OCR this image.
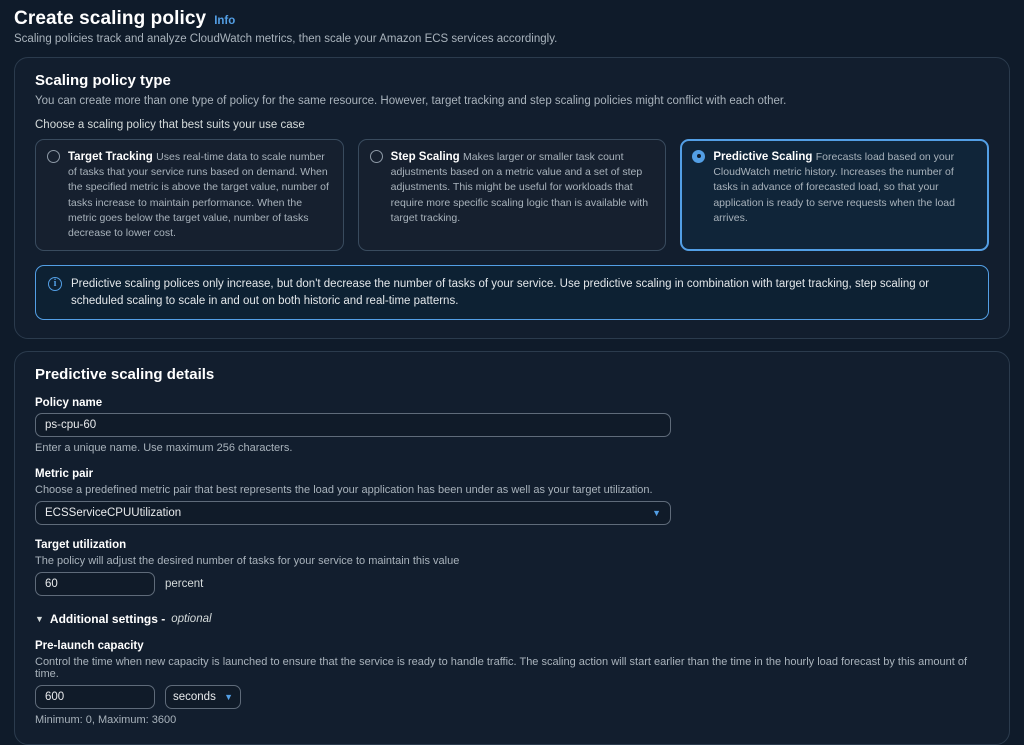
Create scaling policy Info
Scaling policies track and analyze CloudWatch metrics, then scale your Amazon ECS services accordingly.
Scaling policy type
You can create more than one type of policy for the same resource. However, target tracking and step scaling policies might conflict with each other.
Choose a scaling policy that best suits your use case
Target Tracking Uses real-time data to scale number of tasks that your service runs based on demand. When the specified metric is above the target value, number of tasks increase to maintain performance. When the metric goes below the target value, number of tasks decrease to lower cost.
Step Scaling Makes larger or smaller task count adjustments based on a metric value and a set of step adjustments. This might be useful for workloads that require more specific scaling logic than is available with target tracking.
Predictive Scaling Forecasts load based on your CloudWatch metric history. Increases the number of tasks in advance of forecasted load, so that your application is ready to serve requests when the load arrives.
i	Predictive scaling polices only increase, but don't decrease the number of tasks of your service. Use predictive scaling in combination with target tracking, step scaling or scheduled scaling to scale in and out on both historic and real-time patterns.
Predictive scaling details
Policy name
ps-cpu-60
Enter a unique name. Use maximum 256 characters.
Metric pair
Choose a predefined metric pair that best represents the load your application has been under as well as your target utilization.
ECSServiceCPUUtilization	▼
Target utilization
The policy will adjust the desired number of tasks for your service to maintain this value
60	percent
▼ Additional settings - optional
Pre-launch capacity
Control the time when new capacity is launched to ensure that the service is ready to handle traffic. The scaling action will start earlier than the time in the hourly load forecast by this amount of time.
600	seconds ▼
Minimum: 0, Maximum: 3600
